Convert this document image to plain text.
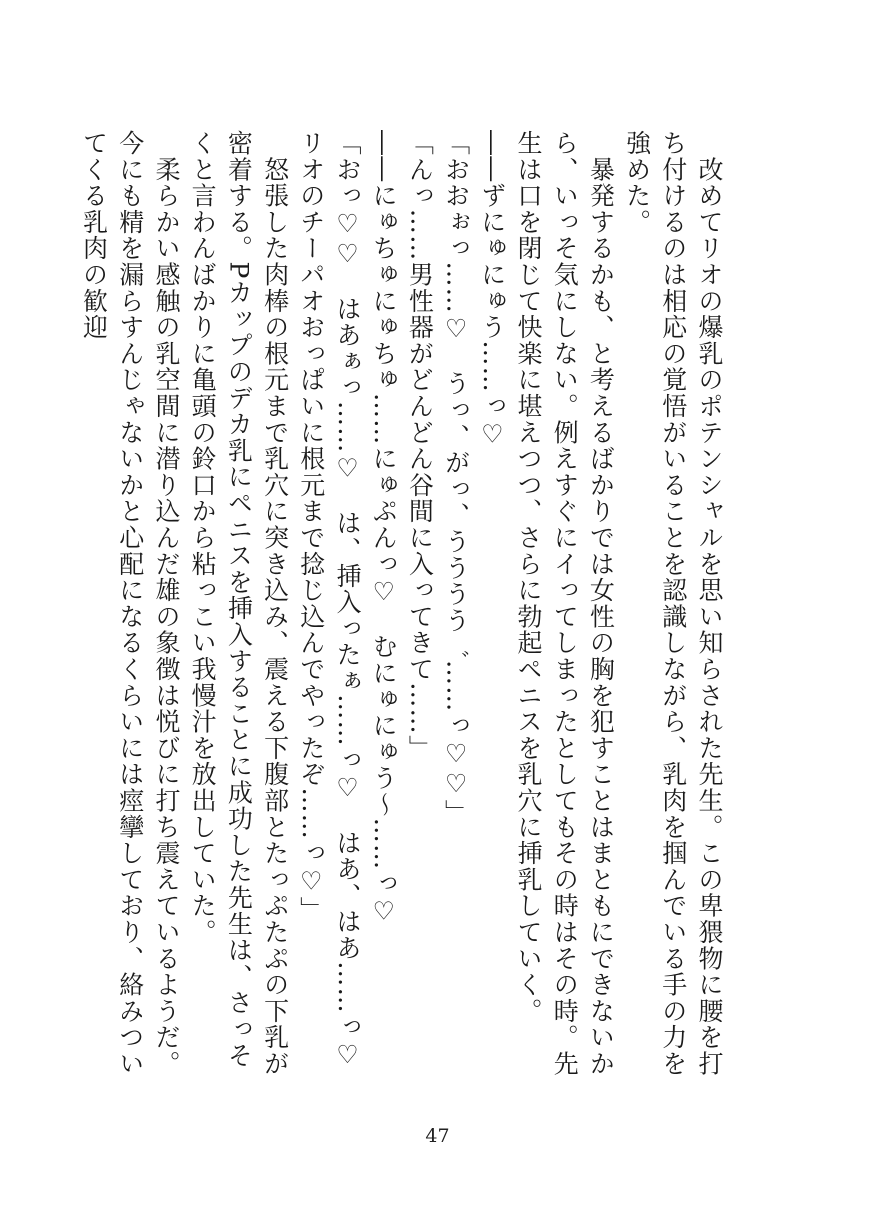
　改めてリオの爆乳のポテンシャルを思い知らされた先生。この卑猥物に腰を打ち付けるのは相応の覚悟がいることを認識しながら、乳肉を掴んでいる手の力を強めた。

　暴発するかも、と考えるばかりでは女性の胸を犯すことはまともにできないから、いっそ気にしない。例えすぐにイってしまったとしてもその時はその時。先生は口を閉じて快楽に堪えつつ、さらに勃起ペニスを乳穴に挿乳していく。

――ずにゅにゅう……っ♡

「おおぉっ……♡　うっ、がっ、うううう゛……っ♡♡」

「んっ……男性器がどんどん谷間に入ってきて……」

――にゅちゅにゅちゅ……にゅぷんっ♡　むにゅにゅう～……っ♡

「おっ♡♡　はあぁっ……♡　は、挿入ったぁ……っ♡　はあ、はあ……っ♡　リオのチーパオおっぱいに根元まで捻じ込んでやったぞ……っ♡」

　怒張した肉棒の根元まで乳穴に突き込み、震える下腹部とたっぷたぷの下乳が密着する。Pカップのデカ乳にペニスを挿入することに成功した先生は、さっそくと言わんばかりに亀頭の鈴口から粘っこい我慢汁を放出していた。

　柔らかい感触の乳空間に潜り込んだ雄の象徴は悦びに打ち震えているようだ。今にも精を漏らすんじゃないかと心配になるくらいには痙攣しており、絡みついてくる乳肉の歓迎

47
